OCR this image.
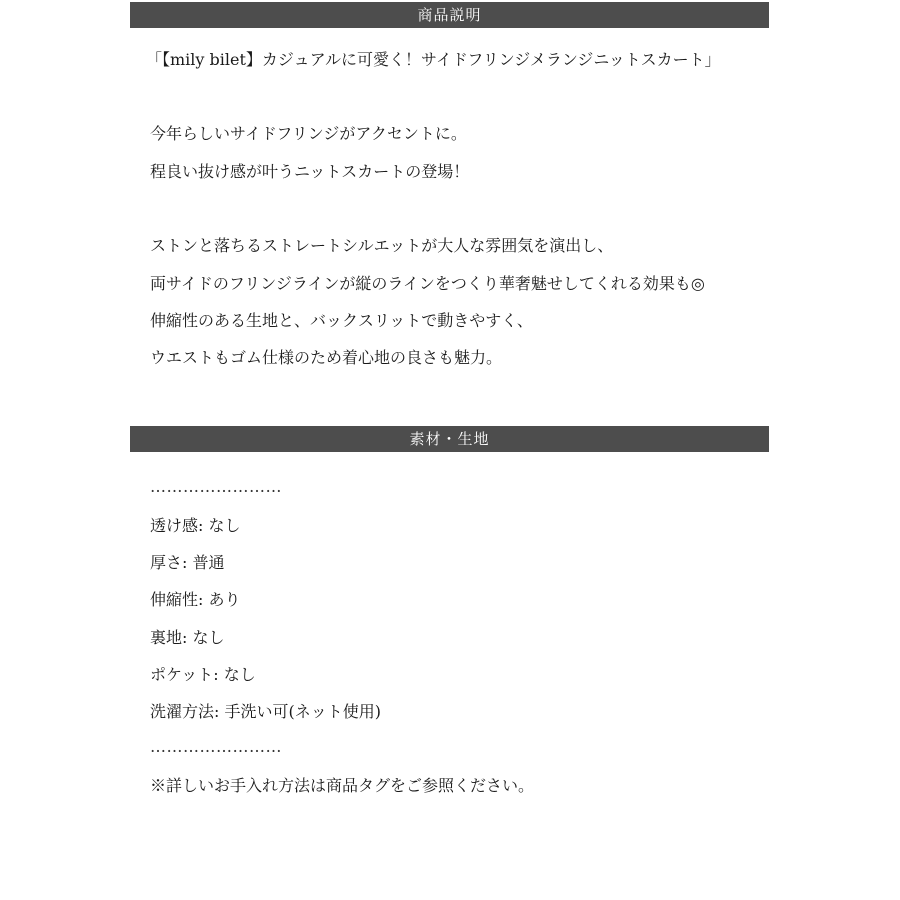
商品説明
「【mily bilet】カジュアルに可愛く！サイドフリンジメランジニットスカート」
今年らしいサイドフリンジがアクセントに。
程良い抜け感が叶うニットスカートの登場！
ストンと落ちるストレートシルエットが大人な雰囲気を演出し、
両サイドのフリンジラインが縦のラインをつくり華奢魅せしてくれる効果も◎
伸縮性のある生地と、バックスリットで動きやすく、
ウエストもゴム仕様のため着心地の良さも魅力。
素材・生地
……………………
透け感: なし
厚さ: 普通
伸縮性: あり
裏地: なし
ポケット: なし
洗濯方法: 手洗い可(ネット使用)
……………………
※詳しいお手入れ方法は商品タグをご参照ください。
